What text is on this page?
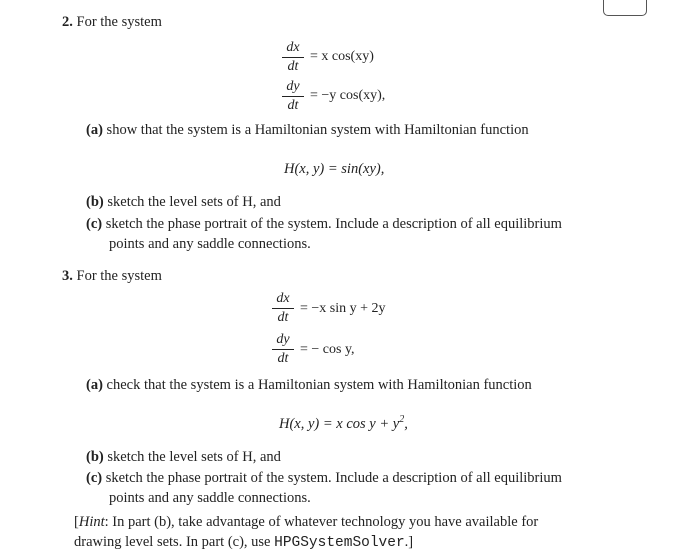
2. For the system
dx
dt
= x cos(xy)
dy
dt
= −y cos(xy),
(a) show that the system is a Hamiltonian system with Hamiltonian function
H(x, y) = sin(xy),
(b) sketch the level sets of H, and
(c) sketch the phase portrait of the system. Include a description of all equilibrium
points and any saddle connections.
3. For the system
dx
dt
= −x sin y + 2y
dy
dt
= − cos y,
(a) check that the system is a Hamiltonian system with Hamiltonian function
H(x, y) = x $\cos y + y^2$,
(b) sketch the level sets of H, and
(c) sketch the phase portrait of the system. Include a description of all equilibrium
points and any saddle connections.
[Hint: In part (b), take advantage of whatever technology you have available for
drawing level sets. In part (c), use HPGSystemSolver.]
